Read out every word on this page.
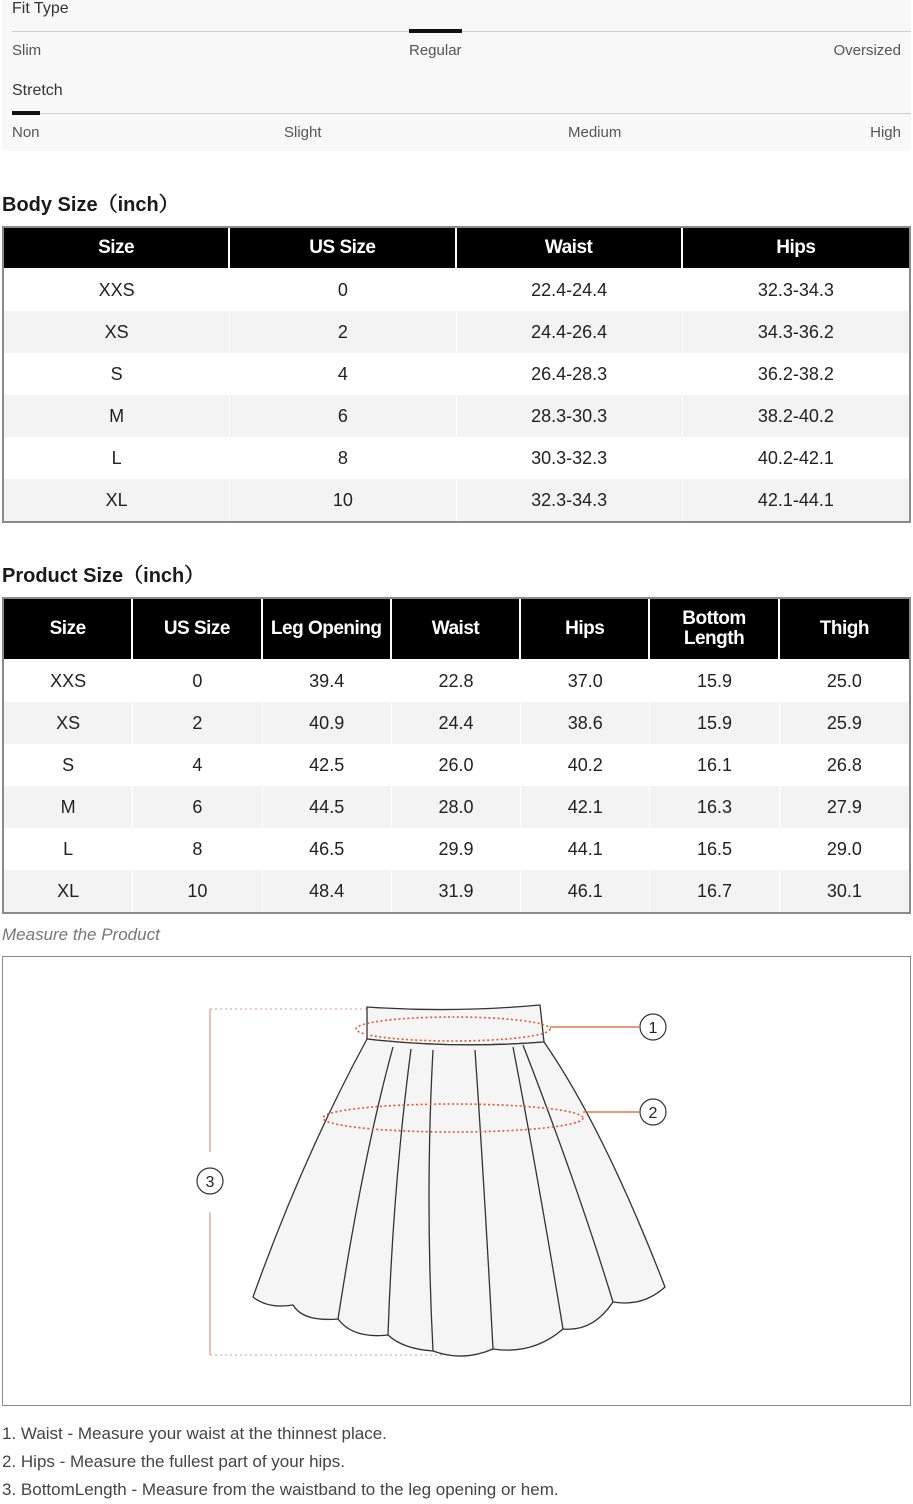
Fit Type
Slim	Regular	Oversized
Stretch
Non	Slight	Medium	High
Body Size（inch）
Size	US Size	Waist	Hips
XXS	0	22.4-24.4	32.3-34.3
XS	2	24.4-26.4	34.3-36.2
S	4	26.4-28.3	36.2-38.2
M	6	28.3-30.3	38.2-40.2
L	8	30.3-32.3	40.2-42.1
XL	10	32.3-34.3	42.1-44.1
Product Size（inch）
Size	US Size	Leg Opening	Waist	Hips	Bottom Length	Thigh
XXS	0	39.4	22.8	37.0	15.9	25.0
XS	2	40.9	24.4	38.6	15.9	25.9
S	4	42.5	26.0	40.2	16.1	26.8
M	6	44.5	28.0	42.1	16.3	27.9
L	8	46.5	29.9	44.1	16.5	29.0
XL	10	48.4	31.9	46.1	16.7	30.1
Measure the Product
1
2
3
1. Waist - Measure your waist at the thinnest place.
2. Hips - Measure the fullest part of your hips.
3. BottomLength - Measure from the waistband to the leg opening or hem.
